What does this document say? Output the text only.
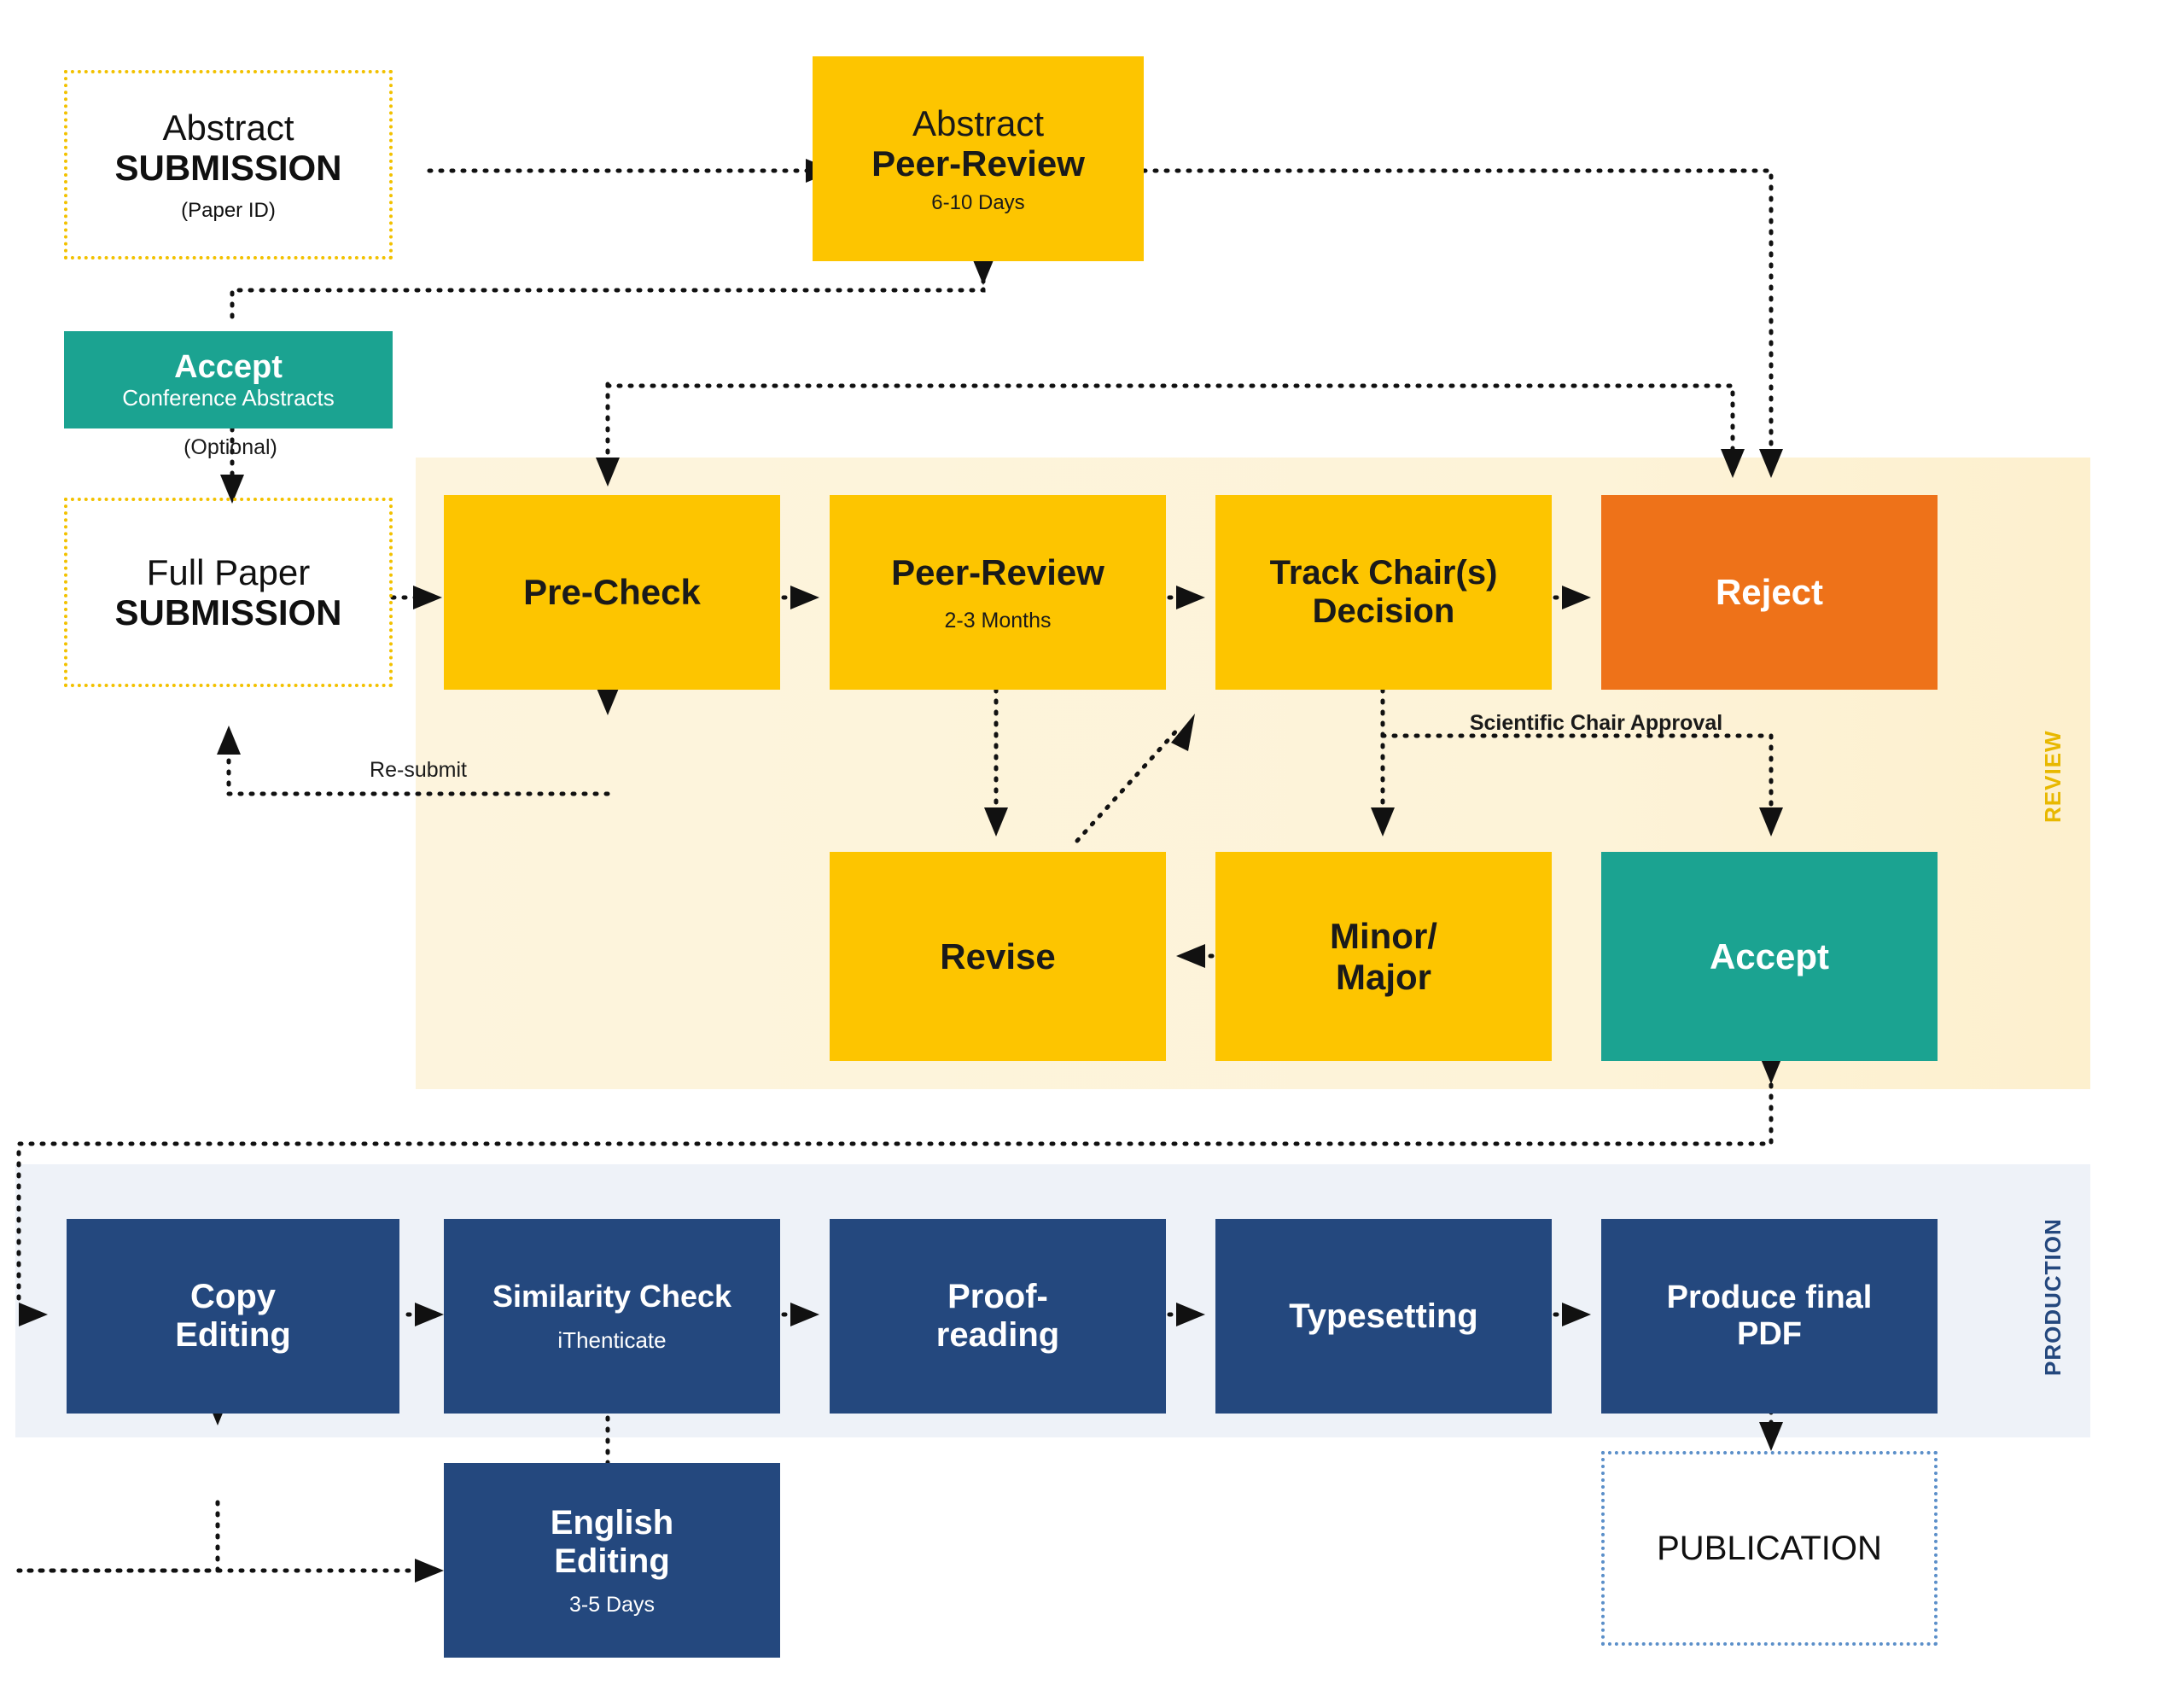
REVIEW
PRODUCTION
Abstract
SUBMISSION
(Paper ID)
Abstract
Peer-Review
6-10 Days
Accept
Conference Abstracts
(Optional)
Full Paper
SUBMISSION
Pre-Check	Peer-Review
2-3 Months
Track Chair(s)
Decision	Reject
Scientific Chair Approval
Re-submit
Revise
Minor/
Major
Accept
Copy
Editing
Similarity Check
iThenticate
Proof-
reading
Typesetting	Produce final
PDF
English
Editing
3-5 Days
PUBLICATION
